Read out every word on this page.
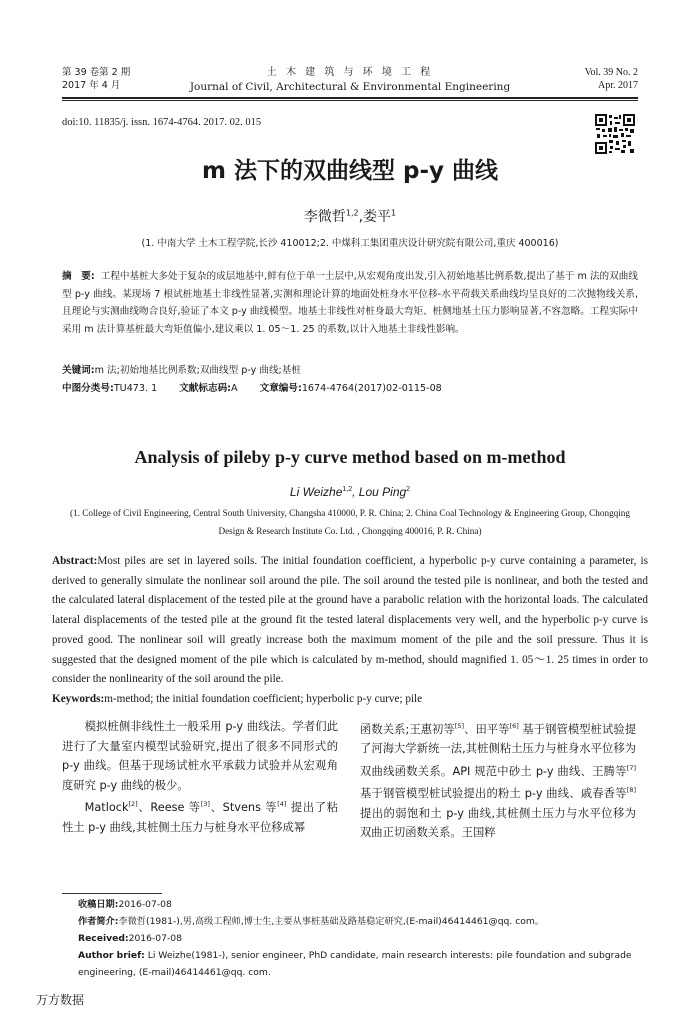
第 39 卷第 2 期
2017 年 4 月
土 木 建 筑 与 环 境 工 程
Journal of Civil, Architectural & Environmental Engineering
Vol. 39 No. 2
Apr. 2017
doi:10. 11835/j. issn. 1674-4764. 2017. 02. 015
m 法下的双曲线型 p-y 曲线
李微哲$^{1,2}$,娄平$^1$
(1. 中南大学 土木工程学院,长沙 410012;2. 中煤科工集团重庆设计研究院有限公司,重庆 400016)
摘　要: 工程中基桩大多处于复杂的成层地基中,鲜有位于单一土层中,从宏观角度出发,引入初始地基比例系数,提出了基于 m 法的双曲线型 p-y 曲线。某现场 7 根试桩地基土非线性显著,实测和理论计算的地面处桩身水平位移-水平荷载关系曲线均呈良好的二次抛物线关系,且理论与实测曲线吻合良好,验证了本文 p-y 曲线模型。地基土非线性对桩身最大弯矩、桩侧地基土压力影响显著,不容忽略。工程实际中采用 m 法计算基桩最大弯矩值偏小,建议乘以 1. 05～1. 25 的系数,以计入地基土非线性影响。
关键词:m 法;初始地基比例系数;双曲线型 p-y 曲线;基桩
中图分类号:TU473. 1 文献标志码:A 文章编号:1674-4764(2017)02-0115-08
Analysis of pileby p-y curve method based on m-method
Li Weizhe$^{1,2}$, Lou Ping$^2$
(1. College of Civil Engineering, Central South University, Changsha 410000, P. R. China; 2. China Coal Technology & Engineering Group, Chongqing Design & Research Institute Co. Ltd. , Chongqing 400016, P. R. China)
Abstract:Most piles are set in layered soils. The initial foundation coefficient, a hyperbolic p-y curve containing a parameter, is derived to generally simulate the nonlinear soil around the pile. The soil around the tested pile is nonlinear, and both the tested and the calculated lateral displacement of the tested pile at the ground have a parabolic relation with the horizontal loads. The calculated lateral displacements of the tested pile at the ground fit the tested lateral displacements very well, and the hyperbolic p-y curve is proved good. The nonlinear soil will greatly increase both the maximum moment of the pile and the soil pressure. Thus it is suggested that the designed moment of the pile which is calculated by m-method, should magnified 1. 05～1. 25 times in order to consider the nonlinearity of the soil around the pile.
Keywords:m-method; the initial foundation coefficient; hyperbolic p-y curve; pile

模拟桩侧非线性土一般采用 p-y 曲线法。学者们此进行了大量室内模型试验研究,提出了很多不同形式的 p-y 曲线。但基于现场试桩水平承载力试验并从宏观角度研究 p-y 曲线的极少。

Matlock[2]、Reese 等[3]、Stvens 等[4] 提出了粘性土 p-y 曲线,其桩侧土压力与桩身水平位移成幂

函数关系;王惠初等[5]、田平等[6] 基于钢管模型桩试验提了河海大学新统一法,其桩侧粘土压力与桩身水平位移为双曲线函数关系。API 规范中砂土 p-y 曲线、王腾等[7] 基于钢管模型桩试验提出的粉土 p-y 曲线、戚春香等[8] 提出的弱饱和土 p-y 曲线,其桩侧土压力与水平位移为双曲正切函数关系。王国粹
收稿日期:2016-07-08
作者简介:李微哲(1981-),男,高级工程师,博士生,主要从事桩基础及路基稳定研究,(E-mail)46414461@qq. com。
Received:2016-07-08
Author brief: Li Weizhe(1981-), senior engineer, PhD candidate, main research interests: pile foundation and subgrade engineering, (E-mail)46414461@qq. com.
万方数据
